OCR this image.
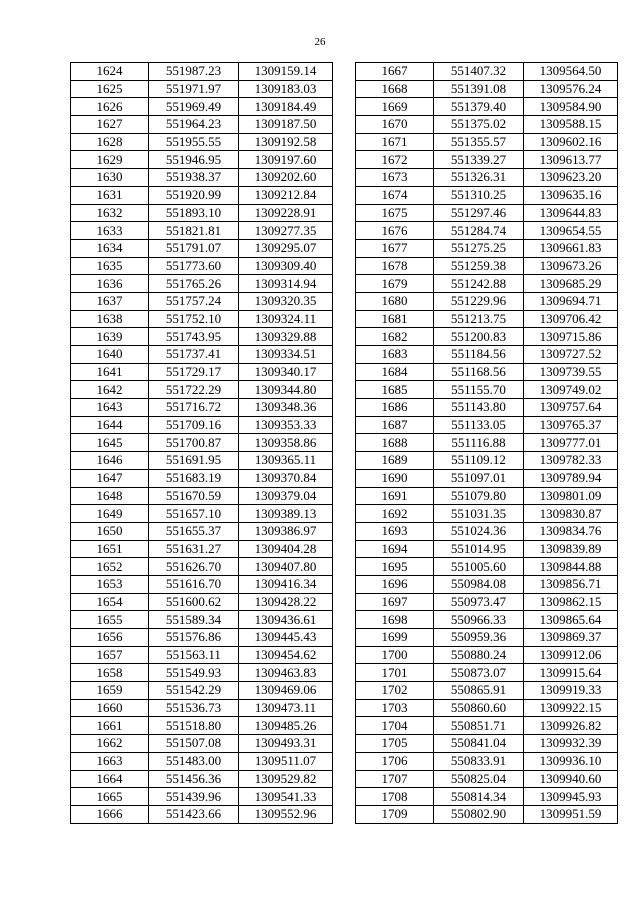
26
1624	551987.23	1309159.14
1625	551971.97	1309183.03
1626	551969.49	1309184.49
1627	551964.23	1309187.50
1628	551955.55	1309192.58
1629	551946.95	1309197.60
1630	551938.37	1309202.60
1631	551920.99	1309212.84
1632	551893.10	1309228.91
1633	551821.81	1309277.35
1634	551791.07	1309295.07
1635	551773.60	1309309.40
1636	551765.26	1309314.94
1637	551757.24	1309320.35
1638	551752.10	1309324.11
1639	551743.95	1309329.88
1640	551737.41	1309334.51
1641	551729.17	1309340.17
1642	551722.29	1309344.80
1643	551716.72	1309348.36
1644	551709.16	1309353.33
1645	551700.87	1309358.86
1646	551691.95	1309365.11
1647	551683.19	1309370.84
1648	551670.59	1309379.04
1649	551657.10	1309389.13
1650	551655.37	1309386.97
1651	551631.27	1309404.28
1652	551626.70	1309407.80
1653	551616.70	1309416.34
1654	551600.62	1309428.22
1655	551589.34	1309436.61
1656	551576.86	1309445.43
1657	551563.11	1309454.62
1658	551549.93	1309463.83
1659	551542.29	1309469.06
1660	551536.73	1309473.11
1661	551518.80	1309485.26
1662	551507.08	1309493.31
1663	551483.00	1309511.07
1664	551456.36	1309529.82
1665	551439.96	1309541.33
1666	551423.66	1309552.96
1667	551407.32	1309564.50
1668	551391.08	1309576.24
1669	551379.40	1309584.90
1670	551375.02	1309588.15
1671	551355.57	1309602.16
1672	551339.27	1309613.77
1673	551326.31	1309623.20
1674	551310.25	1309635.16
1675	551297.46	1309644.83
1676	551284.74	1309654.55
1677	551275.25	1309661.83
1678	551259.38	1309673.26
1679	551242.88	1309685.29
1680	551229.96	1309694.71
1681	551213.75	1309706.42
1682	551200.83	1309715.86
1683	551184.56	1309727.52
1684	551168.56	1309739.55
1685	551155.70	1309749.02
1686	551143.80	1309757.64
1687	551133.05	1309765.37
1688	551116.88	1309777.01
1689	551109.12	1309782.33
1690	551097.01	1309789.94
1691	551079.80	1309801.09
1692	551031.35	1309830.87
1693	551024.36	1309834.76
1694	551014.95	1309839.89
1695	551005.60	1309844.88
1696	550984.08	1309856.71
1697	550973.47	1309862.15
1698	550966.33	1309865.64
1699	550959.36	1309869.37
1700	550880.24	1309912.06
1701	550873.07	1309915.64
1702	550865.91	1309919.33
1703	550860.60	1309922.15
1704	550851.71	1309926.82
1705	550841.04	1309932.39
1706	550833.91	1309936.10
1707	550825.04	1309940.60
1708	550814.34	1309945.93
1709	550802.90	1309951.59
